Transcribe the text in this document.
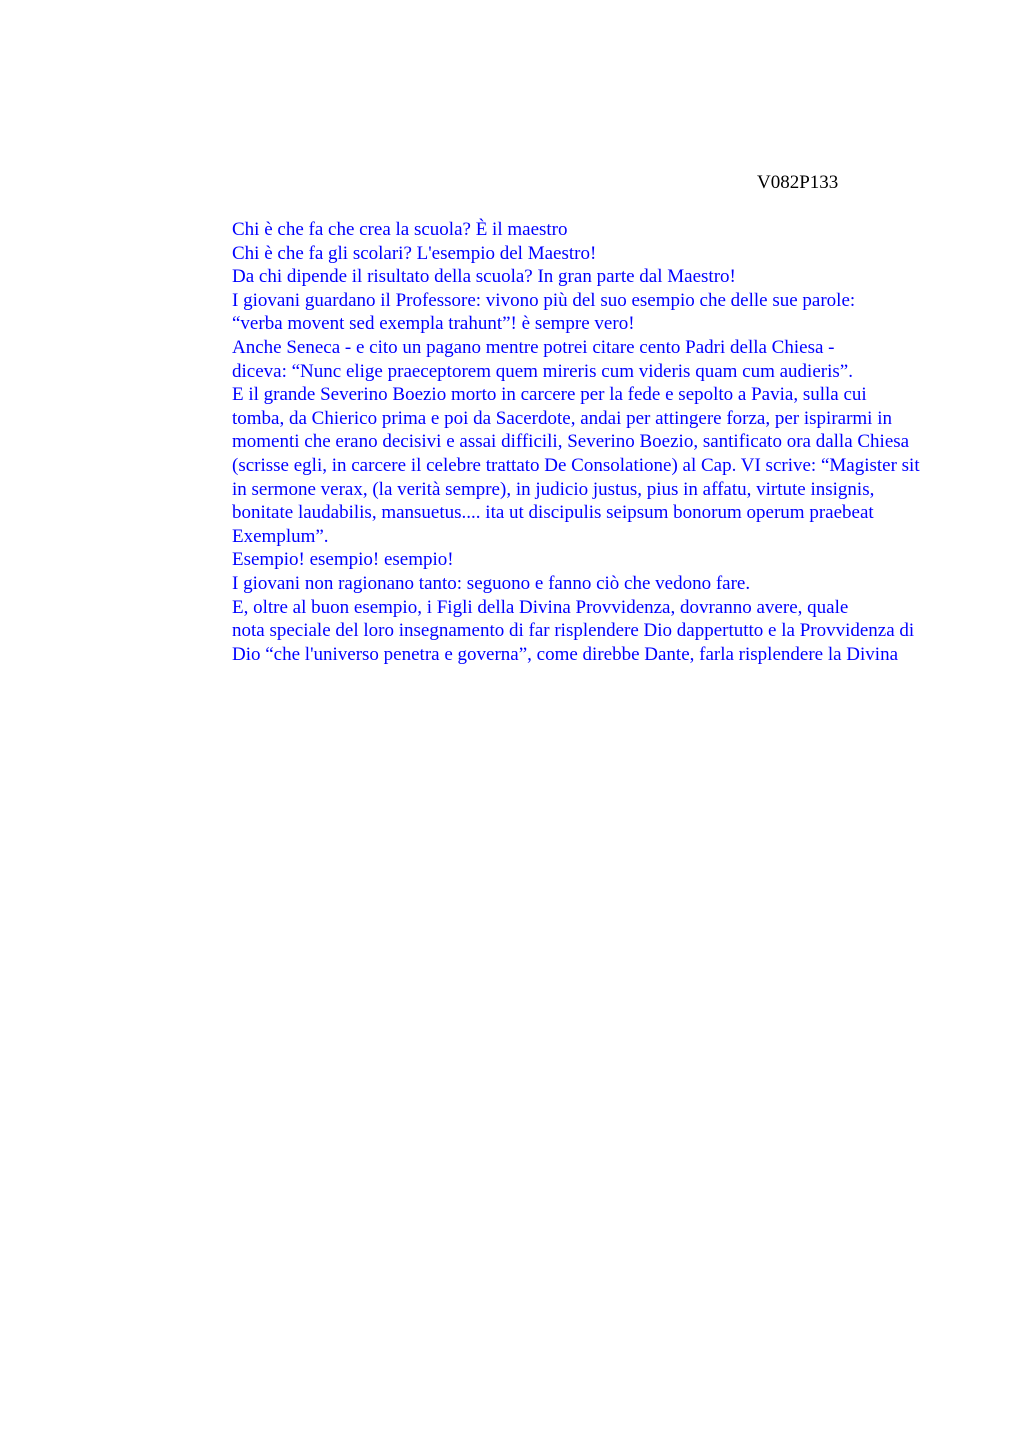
V082P133

Chi è che fa che crea la scuola? È il maestro

Chi è che fa gli scolari? L'esempio del Maestro!

Da chi dipende il risultato della scuola? In gran parte dal Maestro!

I giovani guardano il Professore: vivono più del suo esempio che delle sue parole:
“verba movent sed exempla trahunt”! è sempre vero!

Anche Seneca - e cito un pagano mentre potrei citare cento Padri della Chiesa -
diceva: “Nunc elige praeceptorem quem mireris cum videris quam cum audieris”.

E il grande Severino Boezio morto in carcere per la fede e sepolto a Pavia, sulla cui
tomba, da Chierico prima e poi da Sacerdote, andai per attingere forza, per ispirarmi in
momenti che erano decisivi e assai difficili, Severino Boezio, santificato ora dalla Chiesa
(scrisse egli, in carcere il celebre trattato De Consolatione) al Cap. VI scrive: “Magister sit
in sermone verax, (la verità sempre), in judicio justus, pius in affatu, virtute insignis,
bonitate laudabilis, mansuetus.... ita ut discipulis seipsum bonorum operum praebeat
Exemplum”.

Esempio! esempio! esempio!

I giovani non ragionano tanto: seguono e fanno ciò che vedono fare.

E, oltre al buon esempio, i Figli della Divina Provvidenza, dovranno avere, quale
nota speciale del loro insegnamento di far risplendere Dio dappertutto e la Provvidenza di
Dio “che l'universo penetra e governa”, come direbbe Dante, farla risplendere la Divina
